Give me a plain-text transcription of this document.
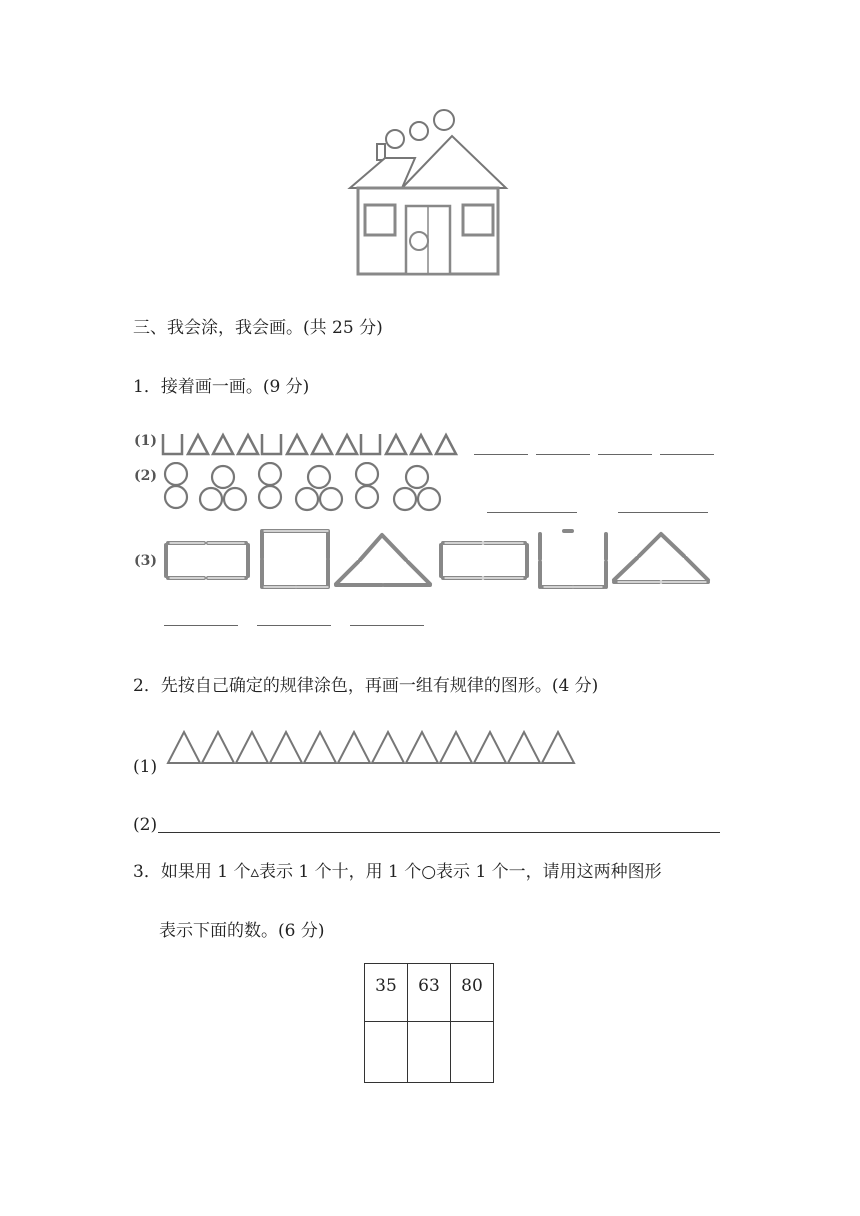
三、我会涂，我会画。(共 25 分)
1．接着画一画。(9 分)
(1)
(2)
(3)
2．先按自己确定的规律涂色，再画一组有规律的图形。(4 分)
(1)
(2)
3．如果用 1 个▵表示 1 个十，用 1 个○表示 1 个一，请用这两种图形
表示下面的数。(6 分)
35	63	80
